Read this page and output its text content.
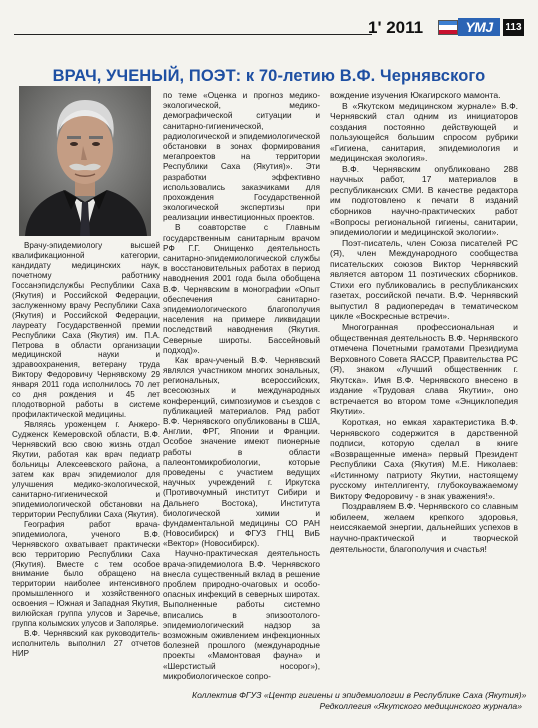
1' 2011	YMJ	113
ВРАЧ, УЧЕНЫЙ, ПОЭТ: к 70-летию В.Ф. Чернявского

Врачу-эпидемиологу высшей квалификационной категории, кандидату медицинских наук, почетному работнику Госсанэпидслужбы Республики Саха (Якутия) и Российской Федерации, заслуженному врачу Республики Саха (Якутия) и Российской Федерации, лауреату Государственной премии Республики Саха (Якутия) им. П.А. Петрова в области организации медицинской науки и здравоохранения, ветерану труда Виктору Федоровичу Чернявскому 29 января 2011 года исполнилось 70 лет со дня рождения и 45 лет плодотворной работы в системе профилактической медицины.

Являясь уроженцем г. Анжеро-Судженск Кемеровской области, В.Ф. Чернявский всю свою жизнь отдал Якутии, работая как врач педиатр больницы Алексеевского района, а затем как врач эпидемиолог для улучшения медико-экологической, санитарно-гигиенической и эпидемиологической обстановки на территории Республики Саха (Якутия).

География работ врача-эпидемиолога, ученого В.Ф. Чернявского охватывает практически всю территорию Республики Саха (Якутия). Вместе с тем особое внимание было обращено на территории наиболее интенсивного промышленного и хозяйственного освоения – Южная и Западная Якутия, вилюйская группа улусов и Заречье, группа колымских улусов и Заполярье.

В.Ф. Чернявский как руководитель-исполнитель выполнил 27 отчетов НИР

по теме «Оценка и прогноз медико-экологической, медико-демографической ситуации и санитарно-гигиенической, радиологической и эпидемиологической обстановки в зонах формирования мегапроектов на территории Республики Саха (Якутия)». Эти разработки эффективно использовались заказчиками для прохождения Государственной экологической экспертизы при реализации инвестиционных проектов.

В соавторстве с Главным государственным санитарным врачом РФ Г.Г. Онищенко деятельность санитарно-эпидемиологической службы в восстановительных работах в период наводнения 2001 года была обобщена В.Ф. Чернявским в монографии «Опыт обеспечения санитарно-эпидемиологического благополучия населения на примере ликвидации последствий наводнения (Якутия. Северные широты. Бассейновый подход)».

Как врач-ученый В.Ф. Чернявский являлся участником многих зональных, региональных, всероссийских, всесоюзных и международных конференций, симпозиумов и съездов с публикацией материалов. Ряд работ В.Ф. Чернявского опубликованы в США, Англии, ФРГ, Японии и Франции. Особое значение имеют пионерные работы в области палеонтомикробиологии, которые проведены с участием ведущих научных учреждений г. Иркутска (Противочумный институт Сибири и Дальнего Востока), Института биологической химии и фундаментальной медицины СО РАН (Новосибирск) и ФГУЗ ГНЦ ВиБ «Вектор» (Новосибирск).

Научно-практическая деятельность врача-эпидемиолога В.Ф. Чернявского внесла существенный вклад в решение проблем природно-очаговых и особо-опасных инфекций в северных широтах. Выполненные работы системно вписались в эпизоотолого-эпидемиологический надзор за возможным оживлением инфекционных болезней прошлого (международные проекты «Мамонтовая фауна» и «Шерстистый носорог»), микробиологическое сопро-

вождение изучения Юкагирского мамонта.

В «Якутском медицинском журнале» В.Ф. Чернявский стал одним из инициаторов создания постоянно действующей и пользующейся большим спросом рубрики «Гигиена, санитария, эпидемиология и медицинская экология».

В.Ф. Чернявским опубликовано 288 научных работ, 17 материалов в республиканских СМИ. В качестве редактора им подготовлено к печати 8 изданий сборников научно-практических работ «Вопросы региональной гигиены, санитарии, эпидемиологии и медицинской экологии».

Поэт-писатель, член Союза писателей РС (Я), член Международного сообщества писательских союзов Виктор Чернявский является автором 11 поэтических сборников. Стихи его публиковались в республиканских газетах, российской печати. В.Ф. Чернявский выпустил 8 радиопередач в тематическом цикле «Воскресные встречи».

Многогранная профессиональная и общественная деятельность В.Ф. Чернявского отмечена Почетными грамотами Президиума Верховного Совета ЯАССР, Правительства РС (Я), знаком «Лучший общественник г. Якутска». Имя В.Ф. Чернявского внесено в издание «Трудовая слава Якутии», оно встречается во втором томе «Энциклопедия Якутии».

Короткая, но емкая характеристика В.Ф. Чернявского содержится в дарственной подписи, которую сделал в книге «Возвращенные имена» первый Президент Республики Саха (Якутия) М.Е. Николаев: «Истинному патриоту Якутии, настоящему русскому интеллигенту, глубокоуважаемому Виктору Федоровичу - в знак уважения!».

Поздравляем В.Ф. Чернявского со славным юбилеем, желаем крепкого здоровья, неиссякаемой энергии, дальнейших успехов в научно-практической и творческой деятельности, благополучия и счастья!

Коллектив ФГУЗ «Центр гигиены и эпидемиологии в Республике Саха (Якутия)»
Редколлегия «Якутского медицинского журнала»
